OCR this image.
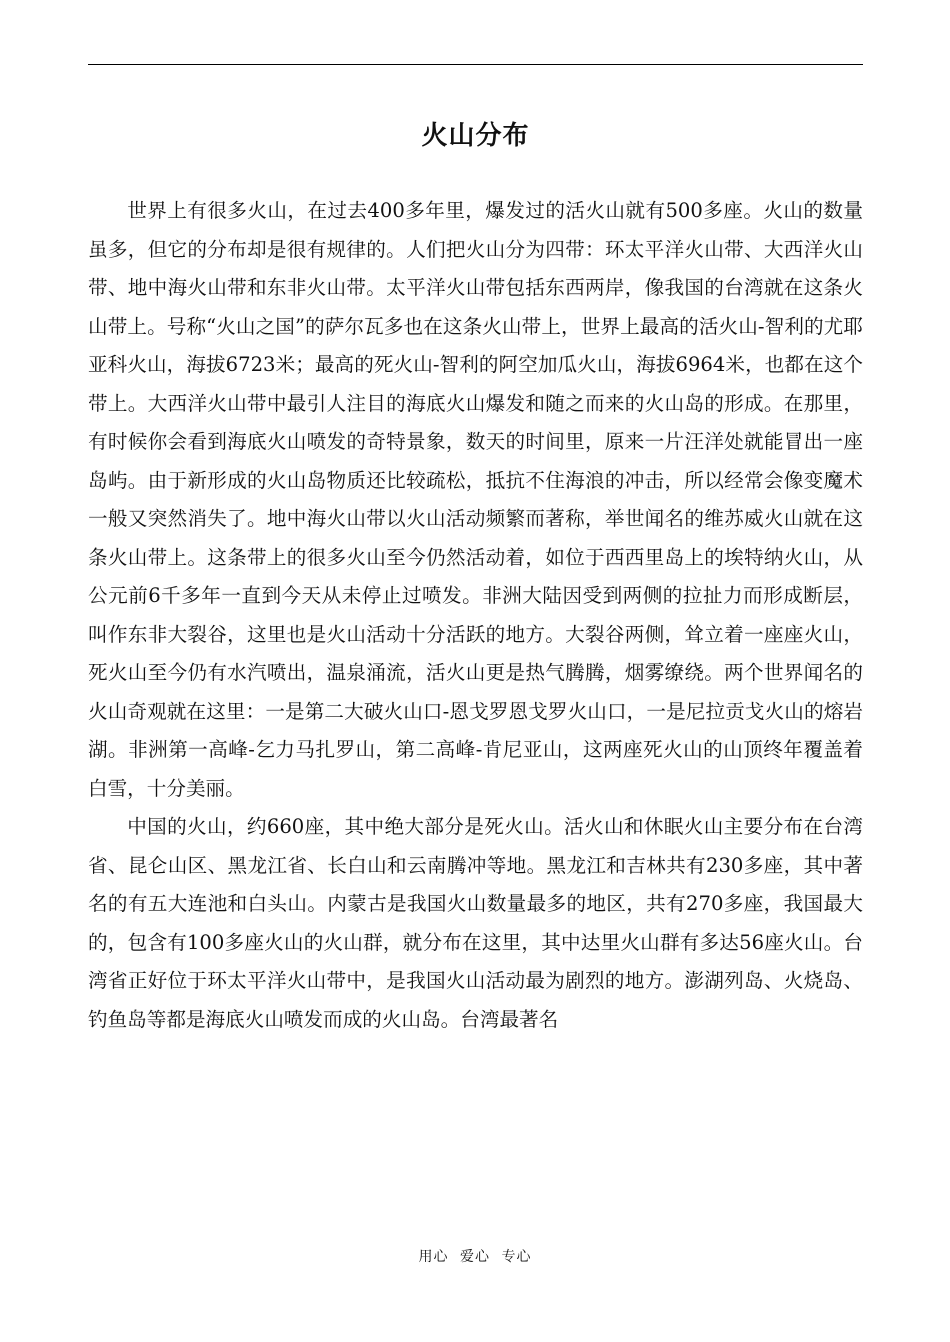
火山分布

世界上有很多火山，在过去400多年里，爆发过的活火山就有500多座。火山的数量虽多，但它的分布却是很有规律的。人们把火山分为四带：环太平洋火山带、大西洋火山带、地中海火山带和东非火山带。太平洋火山带包括东西两岸，像我国的台湾就在这条火山带上。号称“火山之国”的萨尔瓦多也在这条火山带上，世界上最高的活火山-智利的尤耶亚科火山，海拔6723米；最高的死火山-智利的阿空加瓜火山，海拔6964米，也都在这个带上。大西洋火山带中最引人注目的海底火山爆发和随之而来的火山岛的形成。在那里，有时候你会看到海底火山喷发的奇特景象，数天的时间里，原来一片汪洋处就能冒出一座岛屿。由于新形成的火山岛物质还比较疏松，抵抗不住海浪的冲击，所以经常会像变魔术一般又突然消失了。地中海火山带以火山活动频繁而著称，举世闻名的维苏威火山就在这条火山带上。这条带上的很多火山至今仍然活动着，如位于西西里岛上的埃特纳火山，从公元前6千多年一直到今天从未停止过喷发。非洲大陆因受到两侧的拉扯力而形成断层，叫作东非大裂谷，这里也是火山活动十分活跃的地方。大裂谷两侧，耸立着一座座火山，死火山至今仍有水汽喷出，温泉涌流，活火山更是热气腾腾，烟雾缭绕。两个世界闻名的火山奇观就在这里：一是第二大破火山口-恩戈罗恩戈罗火山口，一是尼拉贡戈火山的熔岩湖。非洲第一高峰-乞力马扎罗山，第二高峰-肯尼亚山，这两座死火山的山顶终年覆盖着白雪，十分美丽。

中国的火山，约660座，其中绝大部分是死火山。活火山和休眠火山主要分布在台湾省、昆仑山区、黑龙江省、长白山和云南腾冲等地。黑龙江和吉林共有230多座，其中著名的有五大连池和白头山。内蒙古是我国火山数量最多的地区，共有270多座，我国最大的，包含有100多座火山的火山群，就分布在这里，其中达里火山群有多达56座火山。台湾省正好位于环太平洋火山带中，是我国火山活动最为剧烈的地方。澎湖列岛、火烧岛、钓鱼岛等都是海底火山喷发而成的火山岛。台湾最著名

用心 爱心 专心
